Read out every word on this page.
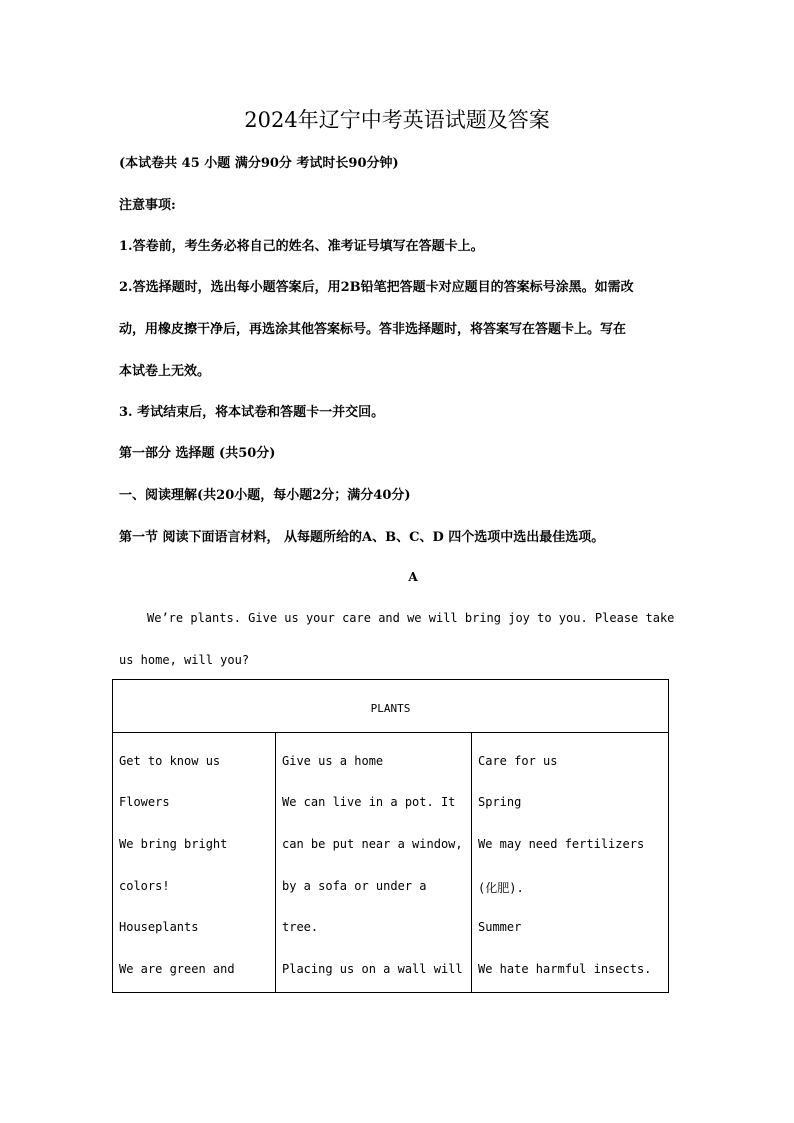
2024年辽宁中考英语试题及答案
(本试卷共 45 小题 满分90分 考试时长90分钟)
注意事项:
1.答卷前，考生务必将自己的姓名、准考证号填写在答题卡上。
2.答选择题时，选出每小题答案后，用2B铅笔把答题卡对应题目的答案标号涂黑。如需改
动，用橡皮擦干净后，再选涂其他答案标号。答非选择题时，将答案写在答题卡上。写在
本试卷上无效。
3. 考试结束后，将本试卷和答题卡一并交回。
第一部分 选择题 (共50分)
一、阅读理解(共20小题，每小题2分；满分40分)
第一节 阅读下面语言材料， 从每题所给的A、B、C、D 四个选项中选出最佳选项。
A
We’re plants. Give us your care and we will bring joy to you. Please take
us home, will you?
PLANTS

Get to know us
Flowers
We bring bright
colors!
Houseplants
We are green and

Give us a home
We can live in a pot. It
can be put near a window,
by a sofa or under a
tree.
Placing us on a wall will

Care for us
Spring
We may need fertilizers
(化肥).
Summer
We hate harmful insects.
